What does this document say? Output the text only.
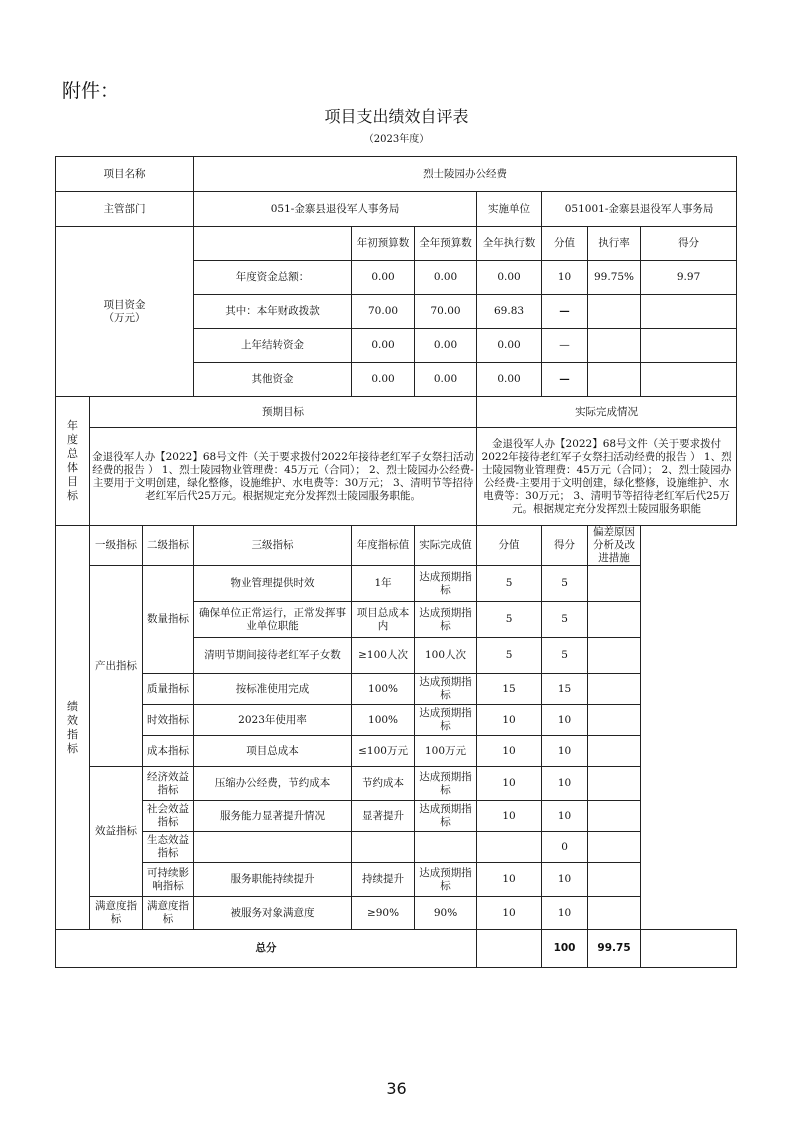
附件：
项目支出绩效自评表
（2023年度）
项目名称			烈士陵园办公经费						
主管部门			051-金寨县退役军人事务局			实施单位	051001-金寨县退役军人事务局		
项目资金
（万元）				年初预算数	全年预算数	全年执行数	分值	执行率	得分
			年度资金总额：	0.00	0.00	0.00	10	99.75%	9.97
			其中：本年财政拨款	70.00	70.00	69.83	—		
			上年结转资金	0.00	0.00	0.00	—		
			其他资金	0.00	0.00	0.00	—		
年度总体目标	预期目标					实际完成情况			
	金退役军人办【2022】68号文件（关于要求拨付2022年接待老红军子女祭扫活动经费的报告 ） 1、烈士陵园物业管理费：45万元（合同）； 2、烈士陵园办公经费-主要用于文明创建，绿化整修，设施维护、水电费等：30万元； 3、清明节等招待老红军后代25万元。根据规定充分发挥烈士陵园服务职能。					金退役军人办【2022】68号文件（关于要求拨付2022年接待老红军子女祭扫活动经费的报告 ） 1、烈士陵园物业管理费：45万元（合同）； 2、烈士陵园办公经费-主要用于文明创建，绿化整修，设施维护、水电费等：30万元； 3、清明节等招待老红军后代25万元。根据规定充分发挥烈士陵园服务职能			
绩效指标	一级指标	二级指标	三级指标	年度指标值	实际完成值	分值	得分	偏差原因分析及改进措施	
	产出指标	数量指标	物业管理提供时效	1年	达成预期指标	5	5		
			确保单位正常运行，正常发挥事业单位职能	项目总成本内	达成预期指标	5	5		
			清明节期间接待老红军子女数	≥100人次	100人次	5	5		
		质量指标	按标准使用完成	100%	达成预期指标	15	15		
		时效指标	2023年使用率	100%	达成预期指标	10	10		
		成本指标	项目总成本	≤100万元	100万元	10	10		
	效益指标	经济效益指标	压缩办公经费，节约成本	节约成本	达成预期指标	10	10		
		社会效益指标	服务能力显著提升情况	显著提升	达成预期指标	10	10		
		生态效益指标					0		
		可持续影响指标	服务职能持续提升	持续提升	达成预期指标	10	10		
	满意度指标	满意度指标	被服务对象满意度	≥90%	90%	10	10		
总分							100	99.75	
36
